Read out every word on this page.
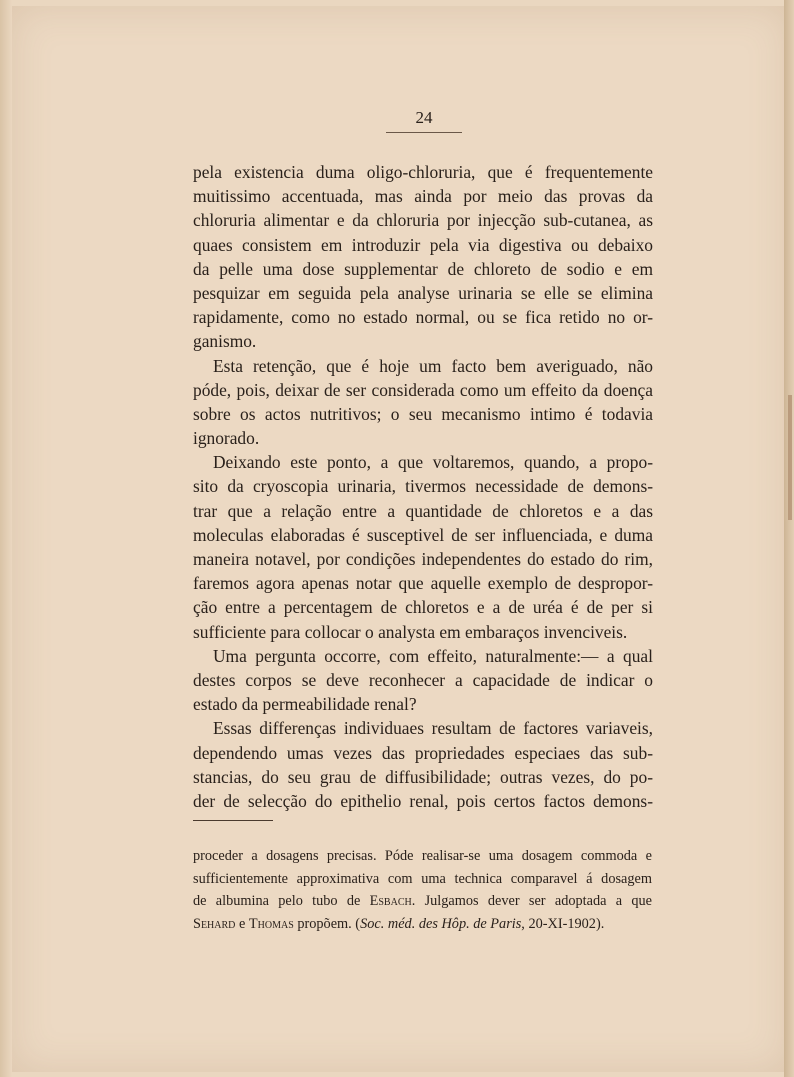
24
pela existencia duma oligo-chloruria, que é frequentemente
muitissimo accentuada, mas ainda por meio das provas da
chloruria alimentar e da chloruria por injecção sub-cutanea, as
quaes consistem em introduzir pela via digestiva ou debaixo
da pelle uma dose supplementar de chloreto de sodio e em
pesquizar em seguida pela analyse urinaria se elle se elimina
rapidamente, como no estado normal, ou se fica retido no or-
ganismo.
Esta retenção, que é hoje um facto bem averiguado, não
póde, pois, deixar de ser considerada como um effeito da doença
sobre os actos nutritivos; o seu mecanismo intimo é todavia
ignorado.
Deixando este ponto, a que voltaremos, quando, a propo-
sito da cryoscopia urinaria, tivermos necessidade de demons-
trar que a relação entre a quantidade de chloretos e a das
moleculas elaboradas é susceptivel de ser influenciada, e duma
maneira notavel, por condições independentes do estado do rim,
faremos agora apenas notar que aquelle exemplo de despropor-
ção entre a percentagem de chloretos e a de uréa é de per si
sufficiente para collocar o analysta em embaraços invenciveis.
Uma pergunta occorre, com effeito, naturalmente:— a qual
destes corpos se deve reconhecer a capacidade de indicar o
estado da permeabilidade renal?
Essas differenças individuaes resultam de factores variaveis,
dependendo umas vezes das propriedades especiaes das sub-
stancias, do seu grau de diffusibilidade; outras vezes, do po-
der de selecção do epithelio renal, pois certos factos demons-
proceder a dosagens precisas. Póde realisar-se uma dosagem commoda e
sufficientemente approximativa com uma technica comparavel á dosagem
de albumina pelo tubo de Esbach. Julgamos dever ser adoptada a que
Sehard e Thomas propõem. (Soc. méd. des Hôp. de Paris, 20-XI-1902).
